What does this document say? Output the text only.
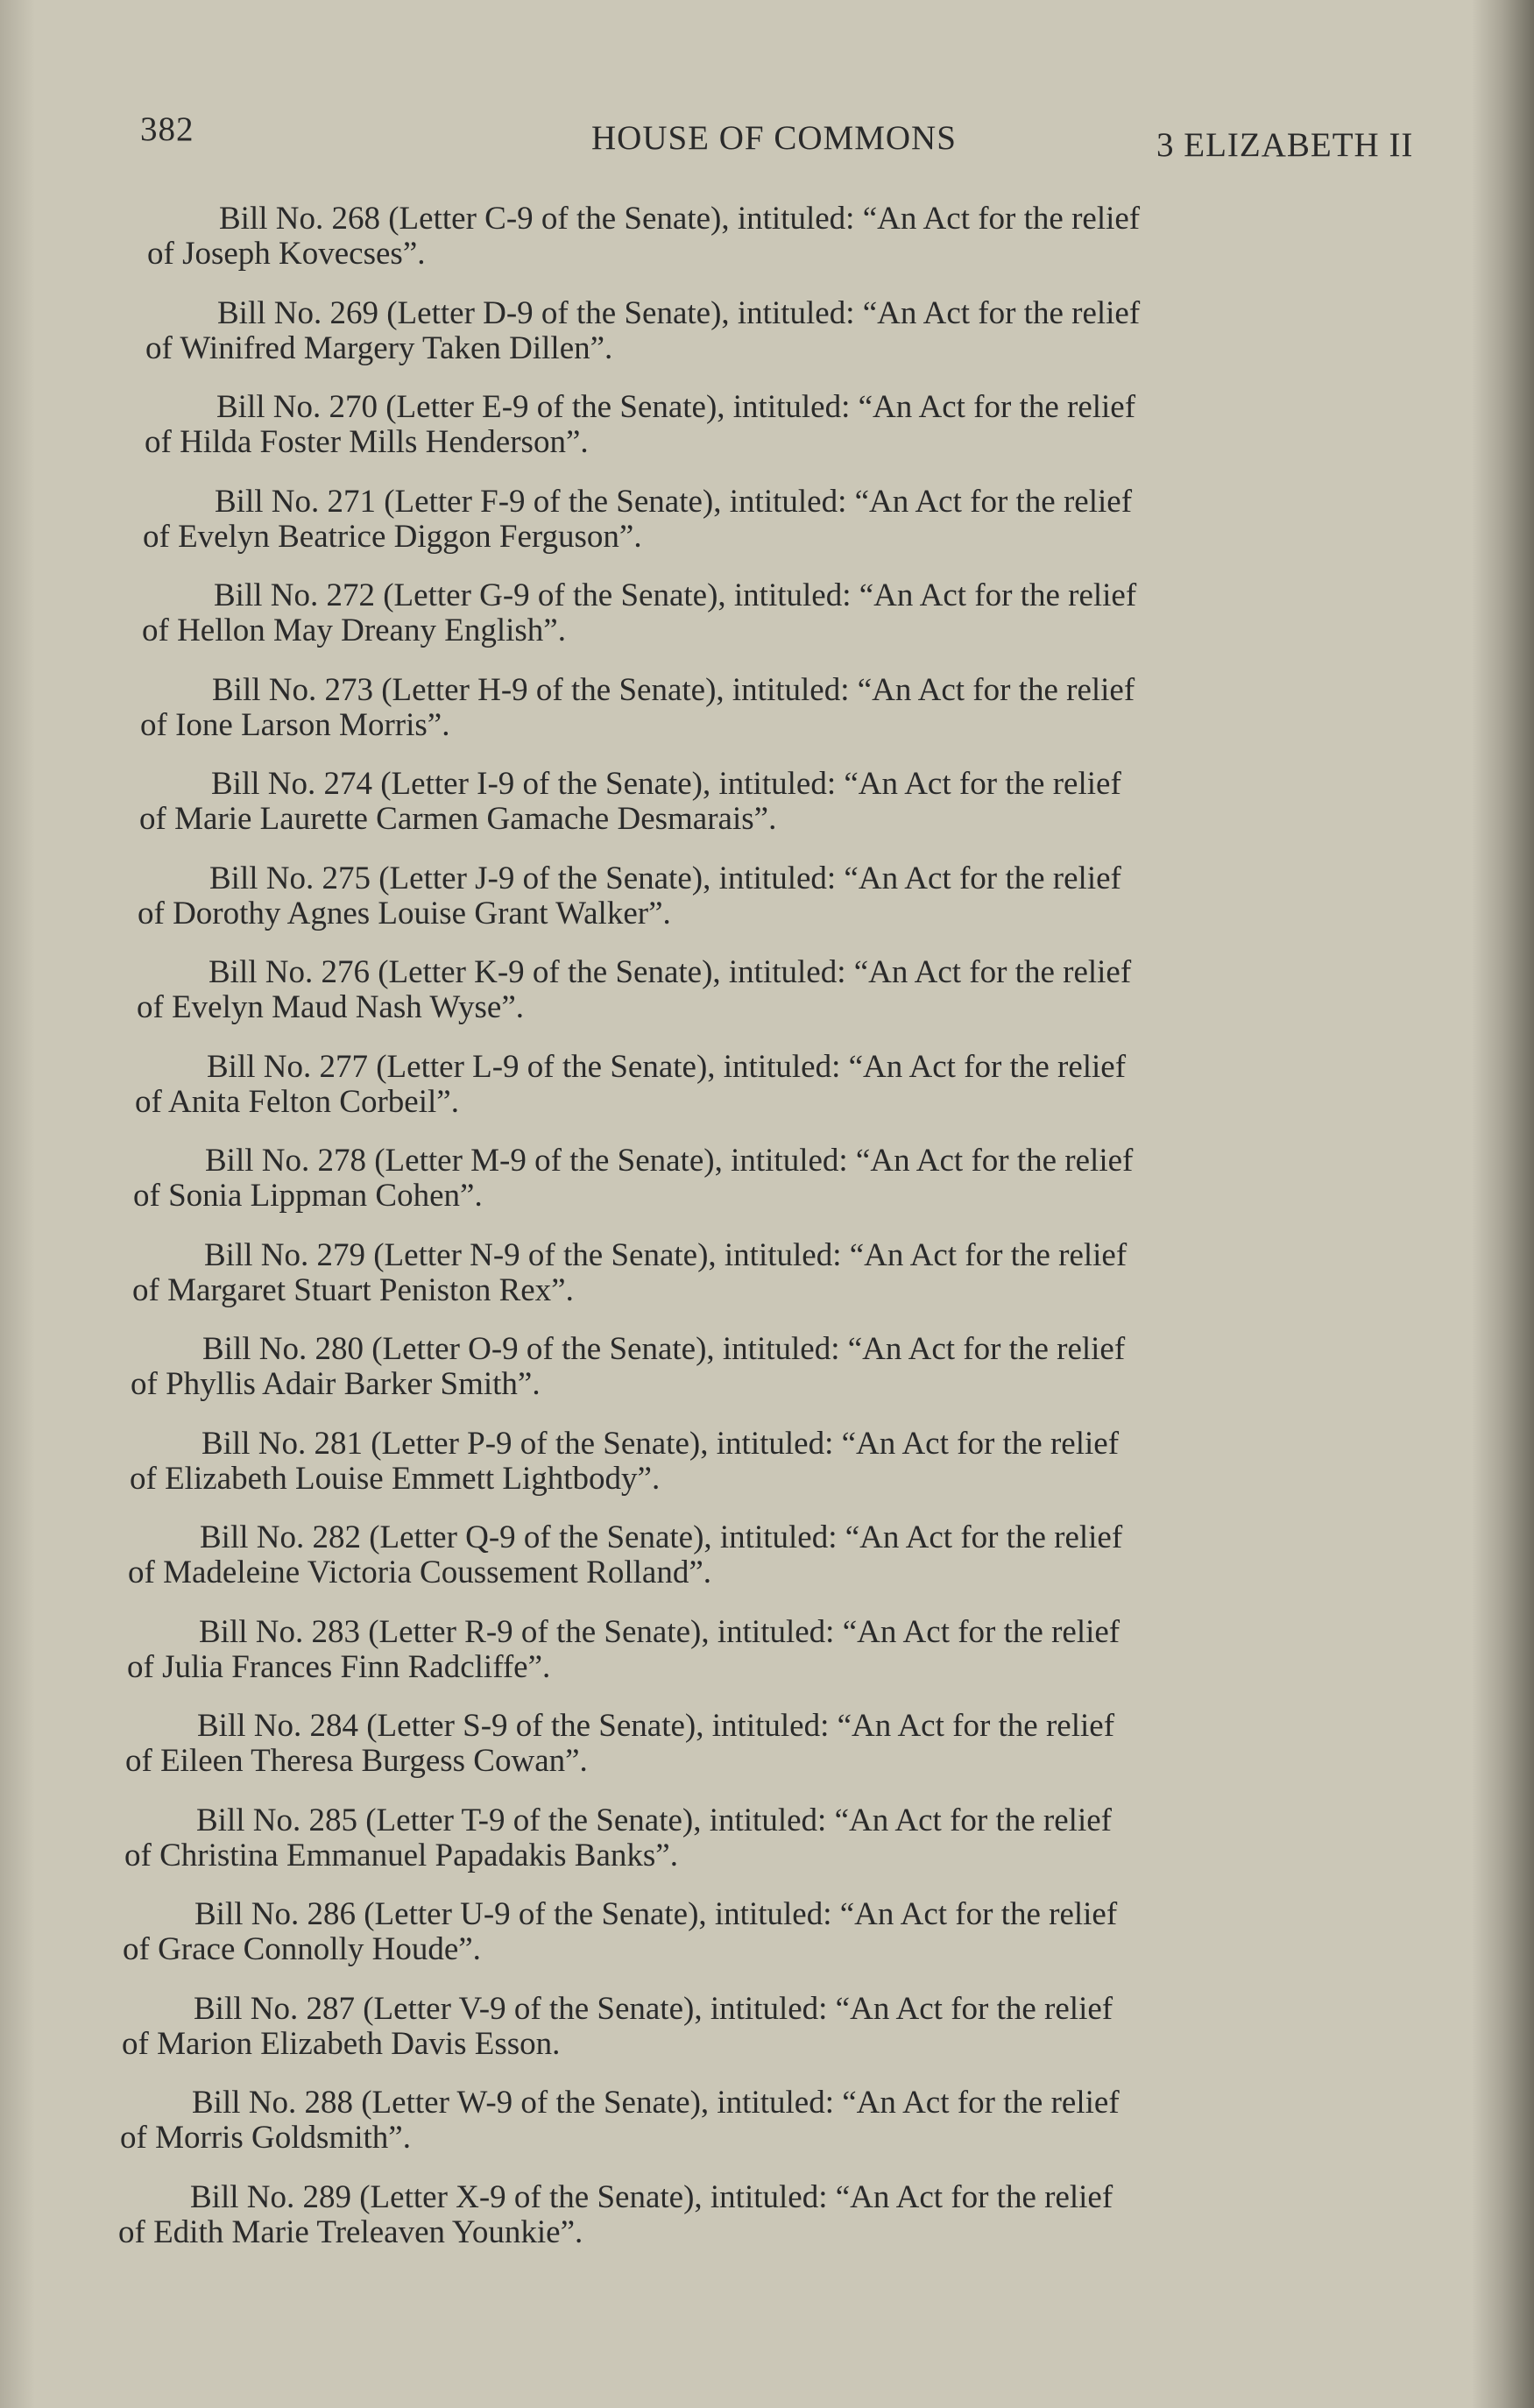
382	HOUSE OF COMMONS	3 ELIZABETH II
Bill No. 268 (Letter C-9 of the Senate), intituled: “An Act for the relief
of Joseph Kovecses”.
Bill No. 269 (Letter D-9 of the Senate), intituled: “An Act for the relief
of Winifred Margery Taken Dillen”.
Bill No. 270 (Letter E-9 of the Senate), intituled: “An Act for the relief
of Hilda Foster Mills Henderson”.
Bill No. 271 (Letter F-9 of the Senate), intituled: “An Act for the relief
of Evelyn Beatrice Diggon Ferguson”.
Bill No. 272 (Letter G-9 of the Senate), intituled: “An Act for the relief
of Hellon May Dreany English”.
Bill No. 273 (Letter H-9 of the Senate), intituled: “An Act for the relief
of Ione Larson Morris”.
Bill No. 274 (Letter I-9 of the Senate), intituled: “An Act for the relief
of Marie Laurette Carmen Gamache Desmarais”.
Bill No. 275 (Letter J-9 of the Senate), intituled: “An Act for the relief
of Dorothy Agnes Louise Grant Walker”.
Bill No. 276 (Letter K-9 of the Senate), intituled: “An Act for the relief
of Evelyn Maud Nash Wyse”.
Bill No. 277 (Letter L-9 of the Senate), intituled: “An Act for the relief
of Anita Felton Corbeil”.
Bill No. 278 (Letter M-9 of the Senate), intituled: “An Act for the relief
of Sonia Lippman Cohen”.
Bill No. 279 (Letter N-9 of the Senate), intituled: “An Act for the relief
of Margaret Stuart Peniston Rex”.
Bill No. 280 (Letter O-9 of the Senate), intituled: “An Act for the relief
of Phyllis Adair Barker Smith”.
Bill No. 281 (Letter P-9 of the Senate), intituled: “An Act for the relief
of Elizabeth Louise Emmett Lightbody”.
Bill No. 282 (Letter Q-9 of the Senate), intituled: “An Act for the relief
of Madeleine Victoria Coussement Rolland”.
Bill No. 283 (Letter R-9 of the Senate), intituled: “An Act for the relief
of Julia Frances Finn Radcliffe”.
Bill No. 284 (Letter S-9 of the Senate), intituled: “An Act for the relief
of Eileen Theresa Burgess Cowan”.
Bill No. 285 (Letter T-9 of the Senate), intituled: “An Act for the relief
of Christina Emmanuel Papadakis Banks”.
Bill No. 286 (Letter U-9 of the Senate), intituled: “An Act for the relief
of Grace Connolly Houde”.
Bill No. 287 (Letter V-9 of the Senate), intituled: “An Act for the relief
of Marion Elizabeth Davis Esson.
Bill No. 288 (Letter W-9 of the Senate), intituled: “An Act for the relief
of Morris Goldsmith”.
Bill No. 289 (Letter X-9 of the Senate), intituled: “An Act for the relief
of Edith Marie Treleaven Younkie”.
